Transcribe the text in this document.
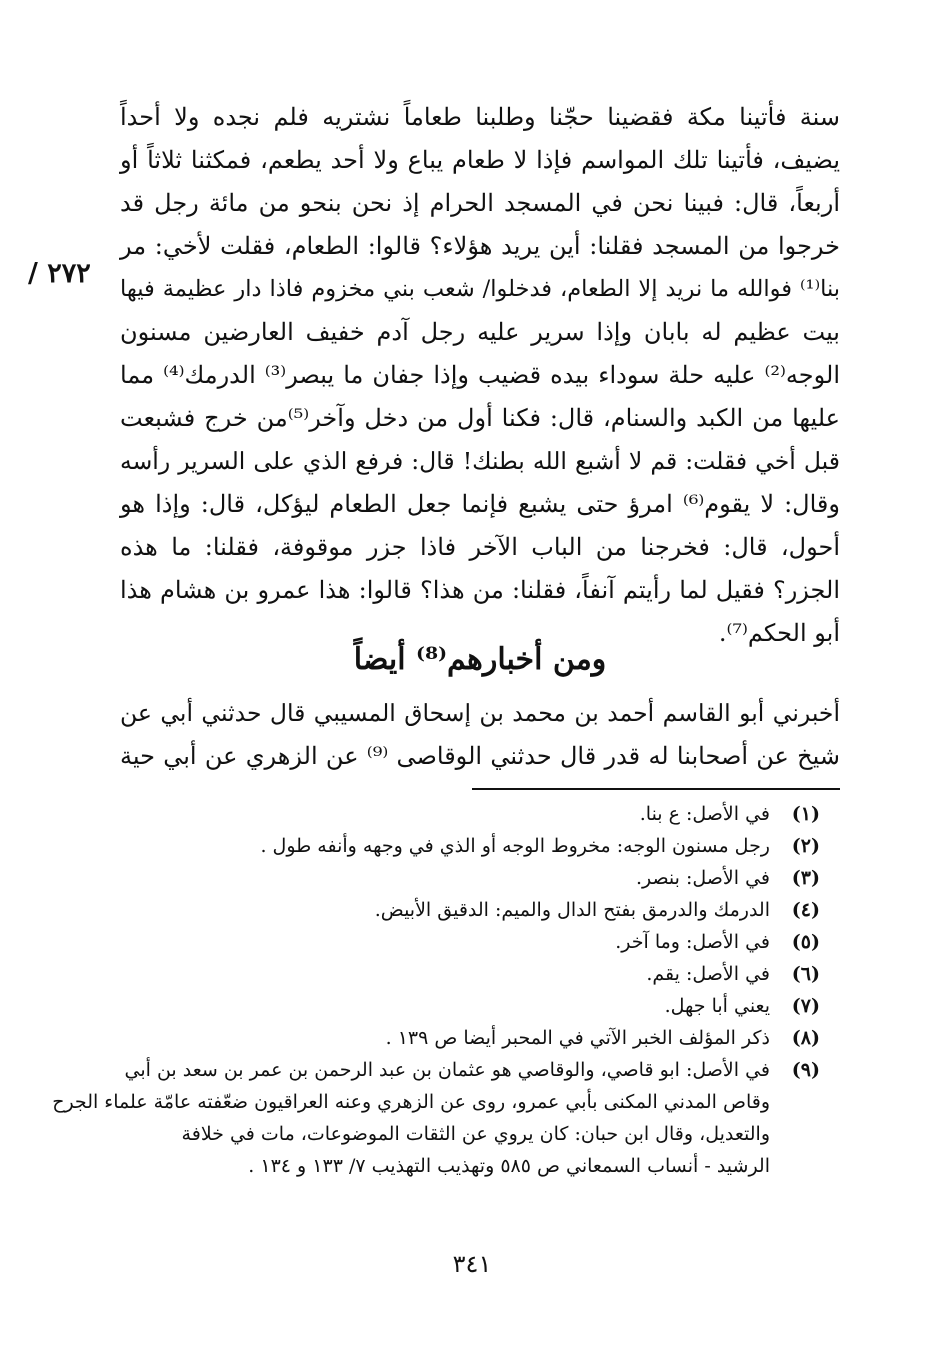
٢٧٢ /
سنة فأتينا مكة فقضينا حجّنا وطلبنا طعاماً نشتريه فلم نجده ولا أحداً
يضيف، فأتينا تلك المواسم فإذا لا طعام يباع ولا أحد يطعم، فمكثنا ثلاثاً أو
أربعاً، قال: فبينا نحن في المسجد الحرام إذ نحن بنحو من مائة رجل قد
خرجوا من المسجد فقلنا: أين يريد هؤلاء؟ قالوا: الطعام، فقلت لأخي: مر
بنا⁽¹⁾ فوالله ما نريد إلا الطعام، فدخلوا/ شعب بني مخزوم فاذا دار عظيمة فيها
بيت عظيم له بابان وإذا سرير عليه رجل آدم خفيف العارضين مسنون
الوجه⁽²⁾ عليه حلة سوداء بيده قضيب وإذا جفان ما يبصر⁽³⁾ الدرمك⁽⁴⁾ مما
عليها من الكبد والسنام، قال: فكنا أول من دخل وآخر⁽⁵⁾من خرج فشبعت
قبل أخي فقلت: قم لا أشبع الله بطنك! قال: فرفع الذي على السرير رأسه
وقال: لا يقوم⁽⁶⁾ امرؤ حتى يشبع فإنما جعل الطعام ليؤكل، قال: وإذا هو
أحول، قال: فخرجنا من الباب الآخر فاذا جزر موقوفة، فقلنا: ما هذه
الجزر؟ فقيل لما رأيتم آنفاً، فقلنا: من هذا؟ قالوا: هذا عمرو بن هشام هذا
أبو الحكم⁽⁷⁾.
ومن أخبارهم⁽⁸⁾ أيضاً
أخبرني أبو القاسم أحمد بن محمد بن إسحاق المسيبي قال حدثني أبي عن
شيخ عن أصحابنا له قدر قال حدثني الوقاصى ⁽⁹⁾ عن الزهري عن أبي حية
(١)
في الأصل: ع بنا.
(٢)
رجل مسنون الوجه: مخروط الوجه أو الذي في وجهه وأنفه طول .
(٣)
في الأصل: بنصر.
(٤)
الدرمك والدرمق بفتح الدال والميم: الدقيق الأبيض.
(٥)
في الأصل: وما آخر.
(٦)
في الأصل: يقم.
(٧)
يعني أبا جهل.
(٨)
ذكر المؤلف الخبر الآتي في المحبر أيضا ص ١٣٩ .
(٩)
في الأصل: ابو قاصي، والوقاصي هو عثمان بن عبد الرحمن بن عمر بن سعد بن أبي
وقاص المدني المكنى بأبي عمرو، روى عن الزهري وعنه العراقيون ضعّفته عامّة علماء الجرح
والتعديل، وقال ابن حبان: كان يروي عن الثقات الموضوعات، مات في خلافة
الرشيد - أنساب السمعاني ص ٥٨٥ وتهذيب التهذيب ٧/ ١٣٣ و ١٣٤ .
٣٤١
